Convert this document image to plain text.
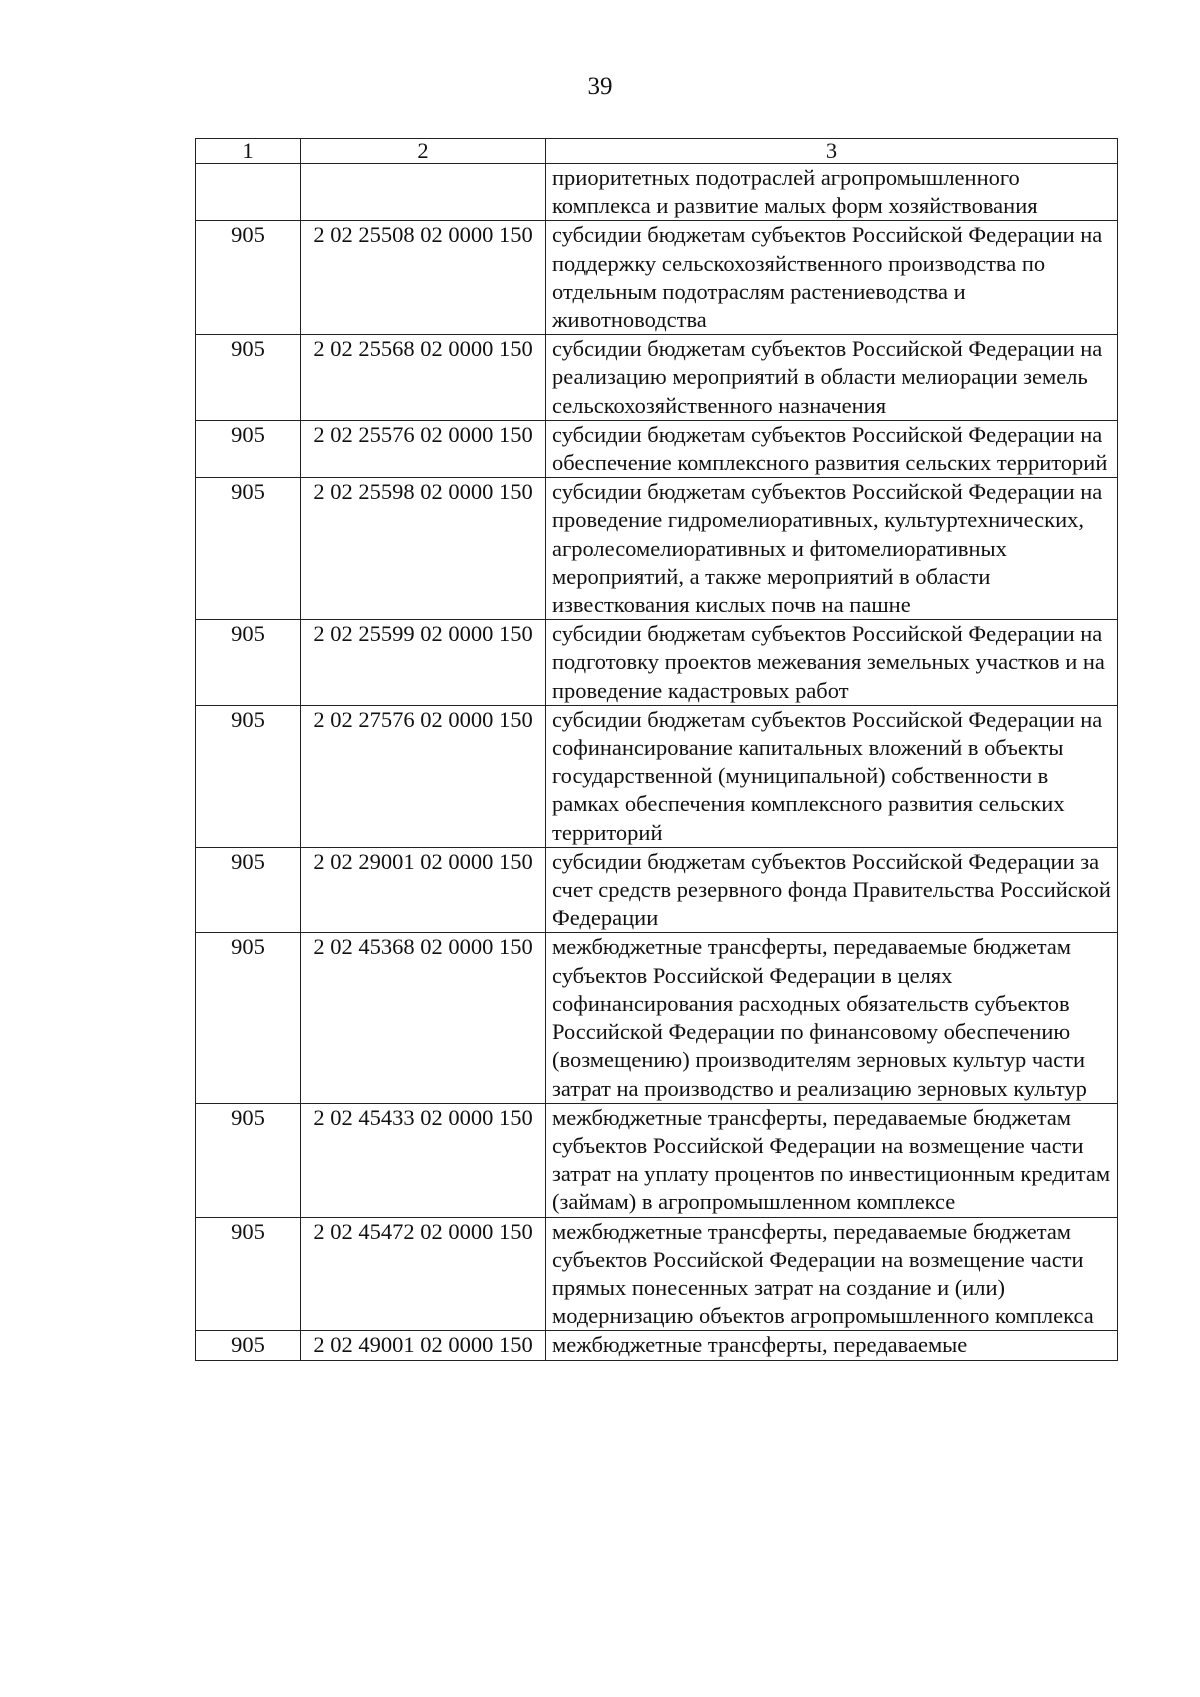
39
1	2	3
		приоритетных подотраслей агропромышленного комплекса и развитие малых форм хозяйствования
905	2 02 25508 02 0000 150	субсидии бюджетам субъектов Российской Федерации на поддержку сельскохозяйственного производства по отдельным подотраслям растениеводства и животноводства
905	2 02 25568 02 0000 150	субсидии бюджетам субъектов Российской Федерации на реализацию мероприятий в области мелиорации земель сельскохозяйственного назначения
905	2 02 25576 02 0000 150	субсидии бюджетам субъектов Российской Федерации на обеспечение комплексного развития сельских территорий
905	2 02 25598 02 0000 150	субсидии бюджетам субъектов Российской Федерации на проведение гидромелиоративных, культуртехнических, агролесомелиоративных и фитомелиоративных мероприятий, а также мероприятий в области известкования кислых почв на пашне
905	2 02 25599 02 0000 150	субсидии бюджетам субъектов Российской Федерации на подготовку проектов межевания земельных участков и на проведение кадастровых работ
905	2 02 27576 02 0000 150	субсидии бюджетам субъектов Российской Федерации на софинансирование капитальных вложений в объекты государственной (муниципальной) собственности в рамках обеспечения комплексного развития сельских территорий
905	2 02 29001 02 0000 150	субсидии бюджетам субъектов Российской Федерации за счет средств резервного фонда Правительства Российской Федерации
905	2 02 45368 02 0000 150	межбюджетные трансферты, передаваемые бюджетам субъектов Российской Федерации в целях софинансирования расходных обязательств субъектов Российской Федерации по финансовому обеспечению (возмещению) производителям зерновых культур части затрат на производство и реализацию зерновых культур
905	2 02 45433 02 0000 150	межбюджетные трансферты, передаваемые бюджетам субъектов Российской Федерации на возмещение части затрат на уплату процентов по инвестиционным кредитам (займам) в агропромышленном комплексе
905	2 02 45472 02 0000 150	межбюджетные трансферты, передаваемые бюджетам субъектов Российской Федерации на возмещение части прямых понесенных затрат на создание и (или) модернизацию объектов агропромышленного комплекса
905	2 02 49001 02 0000 150	межбюджетные трансферты, передаваемые
